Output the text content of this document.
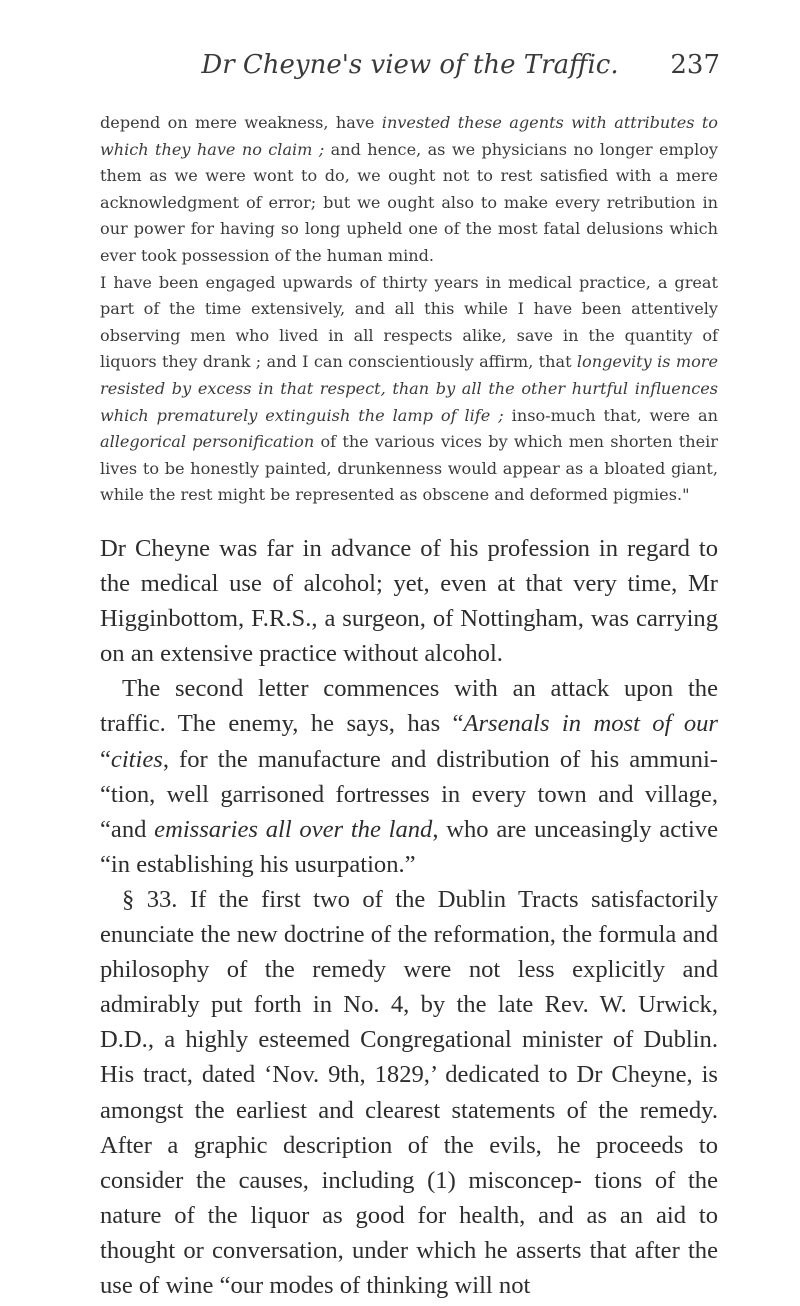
Dr Cheyne's view of the Traffic.	237

depend on mere weakness, have invested these agents with attributes to which they have no claim ; and hence, as we physicians no longer employ them as we were wont to do, we ought not to rest satisfied with a mere acknowledgment of error; but we ought also to make every retribution in our power for having so long upheld one of the most fatal delusions which ever took possession of the human mind.

I have been engaged upwards of thirty years in medical practice, a great part of the time extensively, and all this while I have been attentively observing men who lived in all respects alike, save in the quantity of liquors they drank ; and I can conscientiously affirm, that longevity is more resisted by excess in that respect, than by all the other hurtful influences which prematurely extinguish the lamp of life ; inso-much that, were an allegorical personification of the various vices by which men shorten their lives to be honestly painted, drunkenness would appear as a bloated giant, while the rest might be represented as obscene and deformed pigmies."

Dr Cheyne was far in advance of his profession in regard to the medical use of alcohol; yet, even at that very time, Mr Higginbottom, F.R.S., a surgeon, of Nottingham, was carrying on an extensive practice without alcohol.

The second letter commences with an attack upon the traffic. The enemy, he says, has “Arsenals in most of our “cities, for the manufacture and distribution of his ammuni- “tion, well garrisoned fortresses in every town and village, “and emissaries all over the land, who are unceasingly active “in establishing his usurpation.”

§ 33. If the first two of the Dublin Tracts satisfactorily enunciate the new doctrine of the reformation, the formula and philosophy of the remedy were not less explicitly and admirably put forth in No. 4, by the late Rev. W. Urwick, D.D., a highly esteemed Congregational minister of Dublin. His tract, dated ‘Nov. 9th, 1829,’ dedicated to Dr Cheyne, is amongst the earliest and clearest statements of the remedy. After a graphic description of the evils, he proceeds to consider the causes, including (1) misconcep- tions of the nature of the liquor as good for health, and as an aid to thought or conversation, under which he asserts that after the use of wine “our modes of thinking will not
